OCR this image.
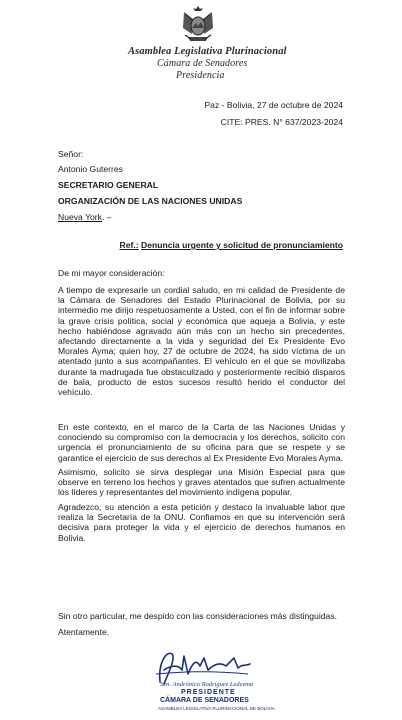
Asamblea Legislativa Plurinacional
Cámara de Senadores
Presidencia
Paz - Bolivia, 27 de octubre de 2024
CITE: PRES. N° 637/2023-2024
Señor:
Antonio Guterres
SECRETARIO GENERAL
ORGANIZACIÓN DE LAS NACIONES UNIDAS
Nueva York. –
Ref.: Denuncia urgente y solicitud de pronunciamiento
De mi mayor consideración:
A tiempo de expresarle un cordial saludo, en mi calidad de Presidente de la Cámara de Senadores del Estado Plurinacional de Bolivia, por su intermedio me dirijo respetuosamente a Usted, con el fin de informar sobre la grave crisis política, social y económica que aqueja a Bolivia, y este hecho habiéndose agravado aún más con un hecho sin precedentes, afectando directamente a la vida y seguridad del Ex Presidente Evo Morales Ayma; quien hoy, 27 de octubre de 2024, ha sido víctima de un atentado junto a sus acompañantes. El vehículo en el que se movilizaba durante la madrugada fue obstaculizado y posteriormente recibió disparos de bala, producto de estos sucesos resultó herido el conductor del vehículo.
En este contexto, en el marco de la Carta de las Naciones Unidas y conociendo su compromiso con la democracia y los derechos, solicito con urgencia el pronunciamiento de su oficina para que se respete y se garantice el ejercicio de sus derechos al Ex Presidente Evo Morales Ayma.
Asimismo, solicito se sirva desplegar una Misión Especial para que observe en terreno los hechos y graves atentados que sufren actualmente los líderes y representantes del movimiento indígena popular.
Agradezco, su atención a esta petición y destaco la invaluable labor que realiza la Secretaría de la ONU. Confiamos en que su intervención será decisiva para proteger la vida y el ejercicio de derechos humanos en Bolivia.
Sin otro particular, me despido con las consideraciones más distinguidas.
Atentamente.
Sen. Andrónico Rodríguez Ledezma
PRESIDENTE
CÁMARA DE SENADORES
ASAMBLEA LEGISLATIVA PLURINACIONAL DE BOLIVIA
